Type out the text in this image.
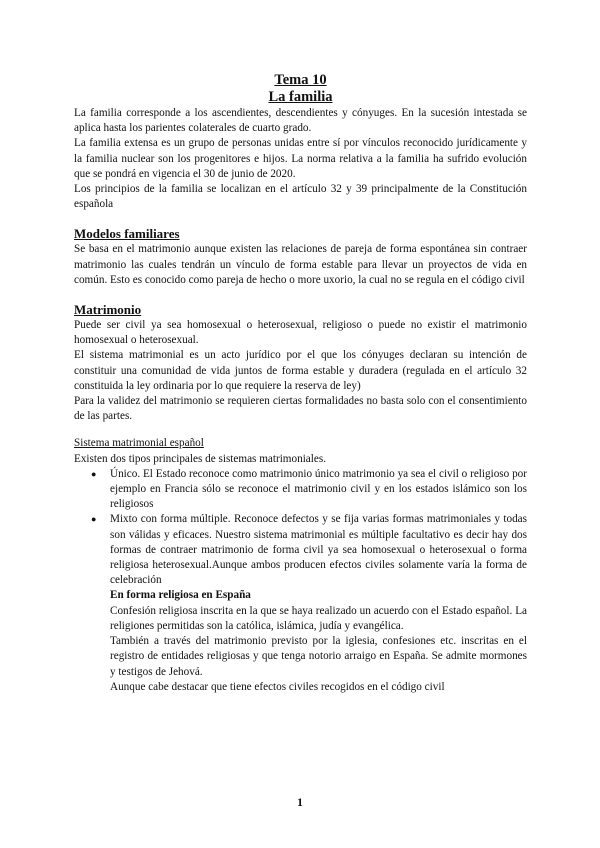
Tema 10
La familia

La familia corresponde a los ascendientes, descendientes y cónyuges. En la sucesión intestada se aplica hasta los parientes colaterales de cuarto grado.

La familia extensa es un grupo de personas unidas entre sí por vínculos reconocido jurídicamente y la familia nuclear son los progenitores e hijos. La norma relativa a la familia ha sufrido evolución que se pondrá en vigencia el 30 de junio de 2020.

Los principios de la familia se localizan en el artículo 32 y 39 principalmente de la Constitución española

Modelos familiares

Se basa en el matrimonio aunque existen las relaciones de pareja de forma espontánea sin contraer matrimonio las cuales tendrán un vínculo de forma estable para llevar un proyectos de vida en común. Esto es conocido como pareja de hecho o more uxorio, la cual no se regula en el código civil

Matrimonio

Puede ser civil ya sea homosexual o heterosexual, religioso o puede no existir el matrimonio homosexual o heterosexual.

El sistema matrimonial es un acto jurídico por el que los cónyuges declaran su intención de constituir una comunidad de vida juntos de forma estable y duradera (regulada en el artículo 32 constituida la ley ordinaria por lo que requiere la reserva de ley)

Para la validez del matrimonio se requieren ciertas formalidades no basta solo con el consentimiento de las partes.

Sistema matrimonial español

Existen dos tipos principales de sistemas matrimoniales.

● Único. El Estado reconoce como matrimonio único matrimonio ya sea el civil o religioso por ejemplo en Francia sólo se reconoce el matrimonio civil y en los estados islámico son los religiosos
● Mixto con forma múltiple. Reconoce defectos y se fija varias formas matrimoniales y todas son válidas y eficaces. Nuestro sistema matrimonial es múltiple facultativo es decir hay dos formas de contraer matrimonio de forma civil ya sea homosexual o heterosexual o forma religiosa heterosexual.Aunque ambos producen efectos civiles solamente varía la forma de celebración
En forma religiosa en España

Confesión religiosa inscrita en la que se haya realizado un acuerdo con el Estado español. La religiones permitidas son la católica, islámica, judía y evangélica.

También a través del matrimonio previsto por la iglesia, confesiones etc. inscritas en el registro de entidades religiosas y que tenga notorio arraigo en España. Se admite mormones y testigos de Jehová.

Aunque cabe destacar que tiene efectos civiles recogidos en el código civil

1
